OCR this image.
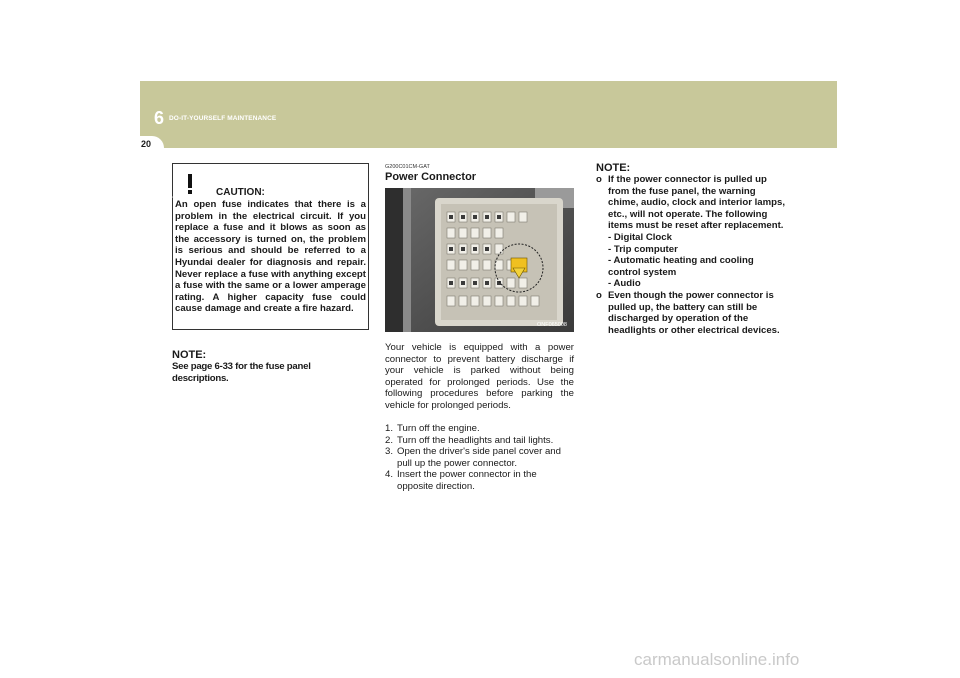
6 DO-IT-YOURSELF MAINTENANCE
20
CAUTION:
An open fuse indicates that there is a problem in the electrical circuit. If you replace a fuse and it blows as soon as the accessory is turned on, the problem is serious and should be referred to a Hyundai dealer for diagnosis and repair. Never replace a fuse with anything except a fuse with the same or a lower amperage rating. A higher capacity fuse could cause damage and create a fire hazard.
NOTE:
See page 6-33 for the fuse panel descriptions.
G200C01CM-GAT
Power Connector
ONF065008
Your vehicle is equipped with a power connector to prevent battery discharge if your vehicle is parked without being operated for prolonged periods. Use the following procedures before parking the vehicle for prolonged periods.
1. Turn off the engine.
2. Turn off the headlights and tail lights.
3. Open the driver's side panel cover and pull up the power connector.
4. Insert the power connector in the opposite direction.
NOTE:
o If the power connector is pulled up from the fuse panel, the warning chime, audio, clock and interior lamps, etc., will not operate. The following items must be reset after replacement.
- Digital Clock
- Trip computer
- Automatic heating and cooling control system
- Audio
o Even though the power connector is pulled up, the battery can still be discharged by operation of the headlights or other electrical devices.
carmanualsonline.info
